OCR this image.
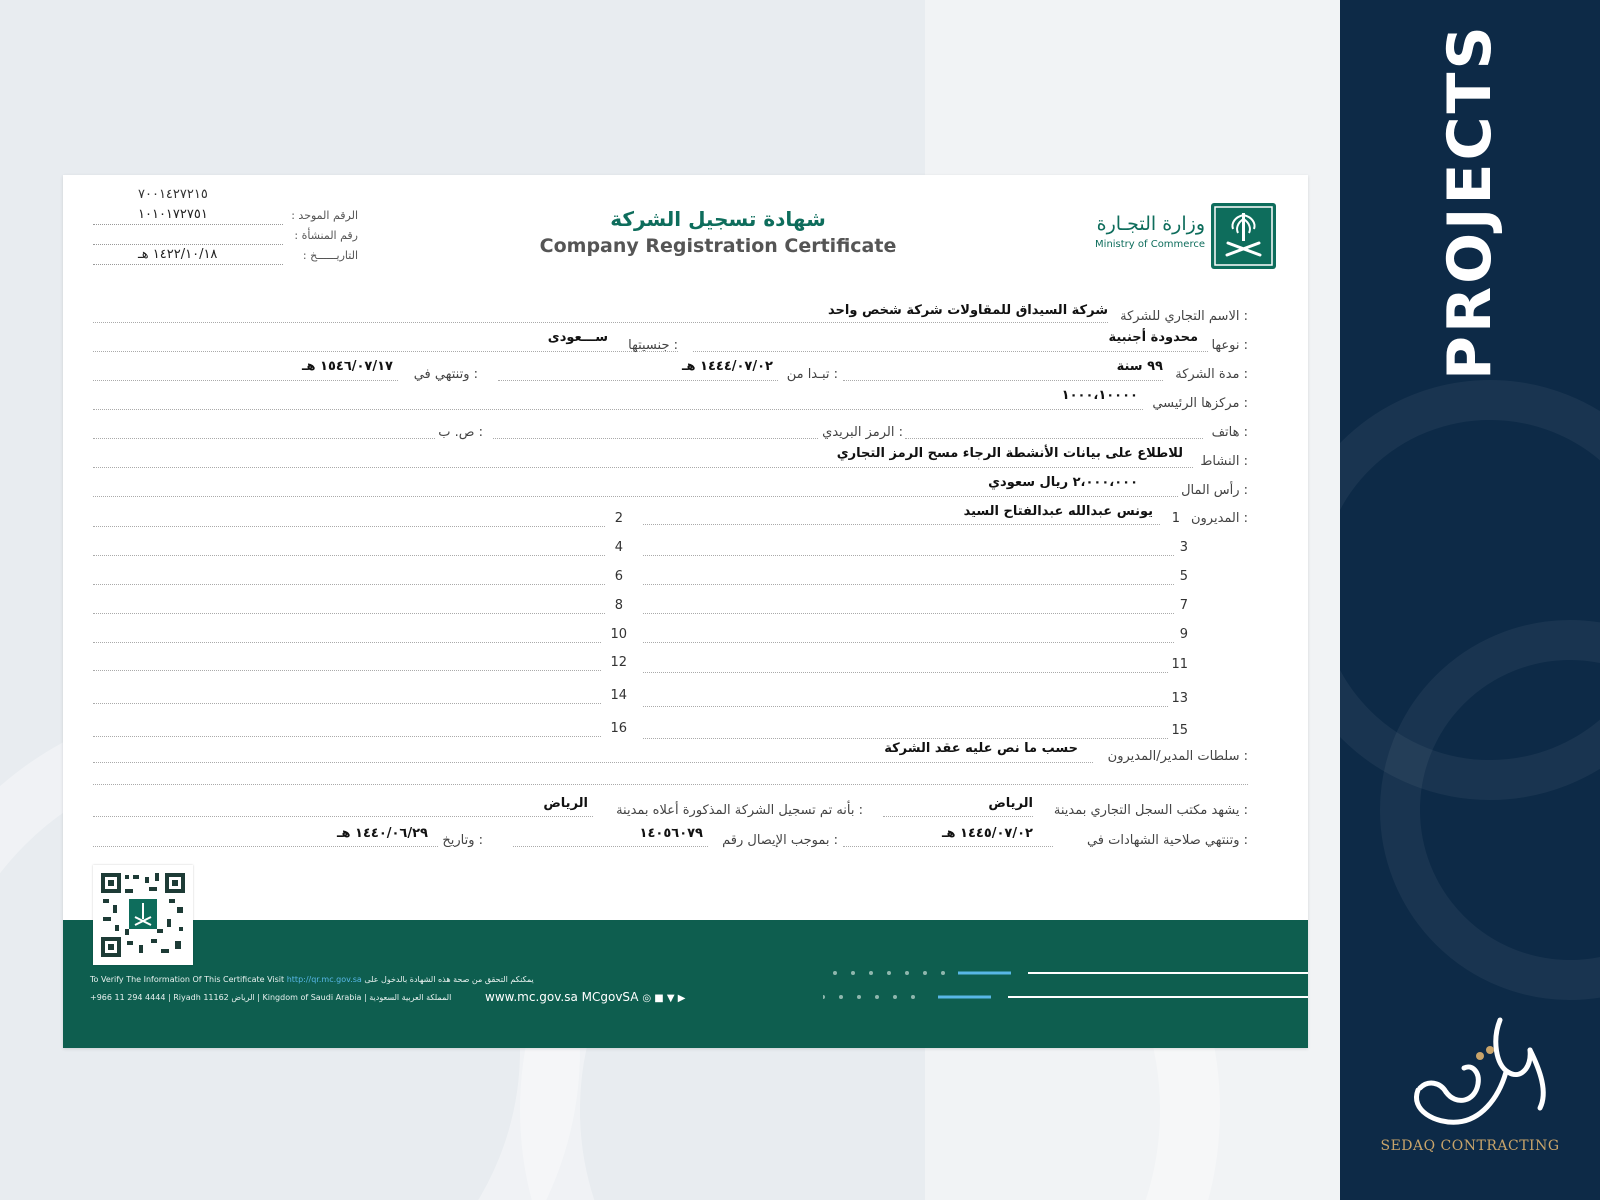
PROJECTS
SEDAQ CONTRACTING
٧٠٠١٤٢٧٢١٥
الرقم الموحد :
١٠١٠١٧٢٧٥١
رقم المنشأة :
١٤٢٢/١٠/١٨ هـ	التاريــــــخ :
شهادة تسجيل الشركة
Company Registration Certificate
وزارة التجـارة
Ministry of Commerce
شركة السيداق للمقاولات شركة شخص واحد الاسم التجاري للشركة :
محدودة أجنبية
نوعها :
ســـعودى
جنسيتها :
٩٩ سنة
مدة الشركة :
١٤٤٤/٠٧/٠٢ هـ
تبـدا من :
١٥٤٦/٠٧/١٧ هـ
وتنتهي في :
١٠٠٠،١٠٠٠٠
مركزها الرئيسي :
هاتف :
الرمز البريدي :
ص. ب :
للاطلاع على بيانات الأنشطة الرجاء مسح الرمز التجاري
النشاط :
٢،٠٠٠،٠٠٠ ريال سعودي
رأس المال :
يونس عبدالله عبدالفتاح السيد 1 المديرون :
2
4	3
6	5
8	7
10	9
12	11
14	13
16	15
حسب ما نص عليه عقد الشركة
سلطات المدير/المديرون :
الرياض يشهد مكتب السجل التجاري بمدينة :
الرياض بأنه تم تسجيل الشركة المذكورة أعلاه بمدينة :
١٤٤٥/٠٧/٠٢ هـ	وتنتهي صلاحية الشهادات في :
١٤٠٥٦٠٧٩ بموجب الإيصال رقم :
١٤٤٠/٠٦/٢٩ هـ وتاريخ :
To Verify The Information Of This Certificate Visit http://qr.mc.gov.sa يمكنكم التحقق من صحة هذه الشهادة بالدخول على
+966 11 294 4444 | Riyadh 11162 الرياض | Kingdom of Saudi Arabia | المملكة العربية السعودية	www.mc.gov.sa MCgovSA ◎ ■ ▼ ▶
